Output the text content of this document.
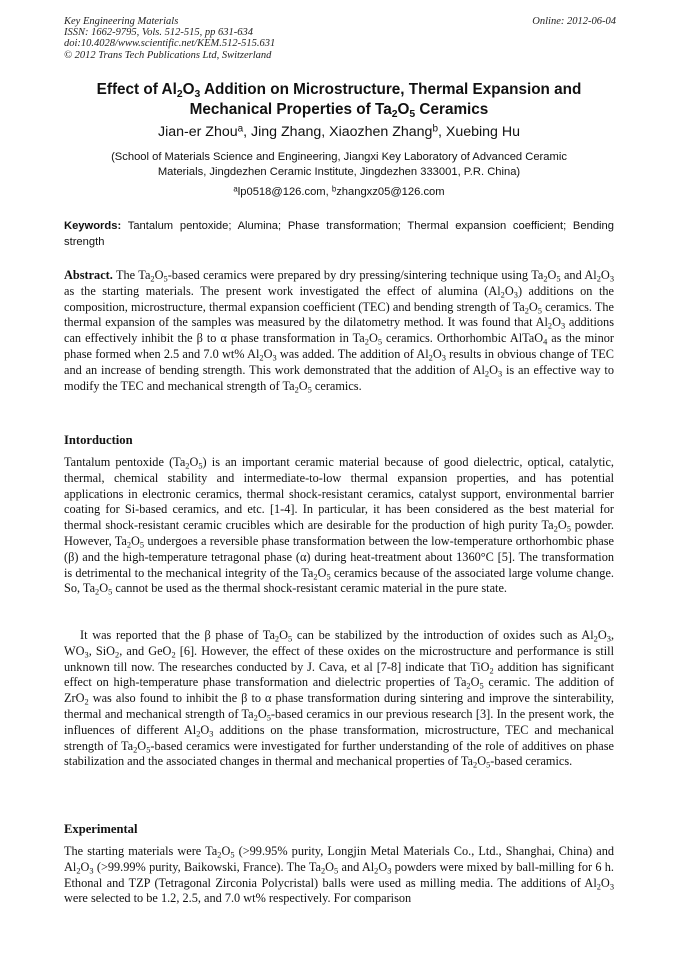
Key Engineering Materials
ISSN: 1662-9795, Vols. 512-515, pp 631-634
doi:10.4028/www.scientific.net/KEM.512-515.631
© 2012 Trans Tech Publications Ltd, Switzerland
Online: 2012-06-04
Effect of $Al_2O_3$ Addition on Microstructure, Thermal Expansion and
Mechanical Properties of $Ta_2O_5$ Ceramics
Jian-er Zhou$^a$, Jing Zhang, Xiaozhen Zhang$^b$, Xuebing Hu
(School of Materials Science and Engineering, Jiangxi Key Laboratory of Advanced Ceramic
Materials, Jingdezhen Ceramic Institute, Jingdezhen 333001, P.R. China)
$^a$lp0518@126.com, $^b$zhangxz05@126.com
Keywords: Tantalum pentoxide; Alumina; Phase transformation; Thermal expansion coefficient; Bending strength
Abstract. The $Ta_2O_5$-based ceramics were prepared by dry pressing/sintering technique using $Ta_2O_5$ and $Al_2O_3$ as the starting materials. The present work investigated the effect of alumina $(Al_2O_3)$ additions on the composition, microstructure, thermal expansion coefficient (TEC) and bending strength of $Ta_2O_5$ ceramics. The thermal expansion of the samples was measured by the dilatometry method. It was found that $Al_2O_3$ additions can effectively inhibit the β to α phase transformation in $Ta_2O_5$ ceramics. Orthorhombic AlTaO$_4$ as the minor phase formed when 2.5 and 7.0 wt% $Al_2O_3$ was added. The addition of $Al_2O_3$ results in obvious change of TEC and an increase of bending strength. This work demonstrated that the addition of $Al_2O_3$ is an effective way to modify the TEC and mechanical strength of $Ta_2O_5$ ceramics.
Intorduction
Tantalum pentoxide $(Ta_2O_5)$ is an important ceramic material because of good dielectric, optical, catalytic, thermal, chemical stability and intermediate-to-low thermal expansion properties, and has potential applications in electronic ceramics, thermal shock-resistant ceramics, catalyst support, environmental barrier coating for Si-based ceramics, and etc. [1-4]. In particular, it has been considered as the best material for thermal shock-resistant ceramic crucibles which are desirable for the production of high purity $Ta_2O_5$ powder. However, $Ta_2O_5$ undergoes a reversible phase transformation between the low-temperature orthorhombic phase (β) and the high-temperature tetragonal phase (α) during heat-treatment about 1360°C [5]. The transformation is detrimental to the mechanical integrity of the $Ta_2O_5$ ceramics because of the associated large volume change. So, $Ta_2O_5$ cannot be used as the thermal shock-resistant ceramic material in the pure state.
It was reported that the β phase of $Ta_2O_5$ can be stabilized by the introduction of oxides such as $Al_2O_3$, $WO_3$, SiO$_2$, and GeO$_2$ [6]. However, the effect of these oxides on the microstructure and performance is still unknown till now. The researches conducted by J. Cava, et al [7-8] indicate that TiO$_2$ addition has significant effect on high-temperature phase transformation and dielectric properties of $Ta_2O_5$ ceramic. The addition of ZrO$_2$ was also found to inhibit the β to α phase transformation during sintering and improve the sinterability, thermal and mechanical strength of $Ta_2O_5$-based ceramics in our previous research [3]. In the present work, the influences of different $Al_2O_3$ additions on the phase transformation, microstructure, TEC and mechanical strength of $Ta_2O_5$-based ceramics were investigated for further understanding of the role of additives on phase stabilization and the associated changes in thermal and mechanical properties of $Ta_2O_5$-based ceramics.
Experimental
The starting materials were $Ta_2O_5$ (>99.95% purity, Longjin Metal Materials Co., Ltd., Shanghai, China) and $Al_2O_3$ (>99.99% purity, Baikowski, France). The $Ta_2O_5$ and $Al_2O_3$ powders were mixed by ball-milling for 6 h. Ethonal and TZP (Tetragonal Zirconia Polycristal) balls were used as milling media. The additions of $Al_2O_3$ were selected to be 1.2, 2.5, and 7.0 wt% respectively. For comparison
